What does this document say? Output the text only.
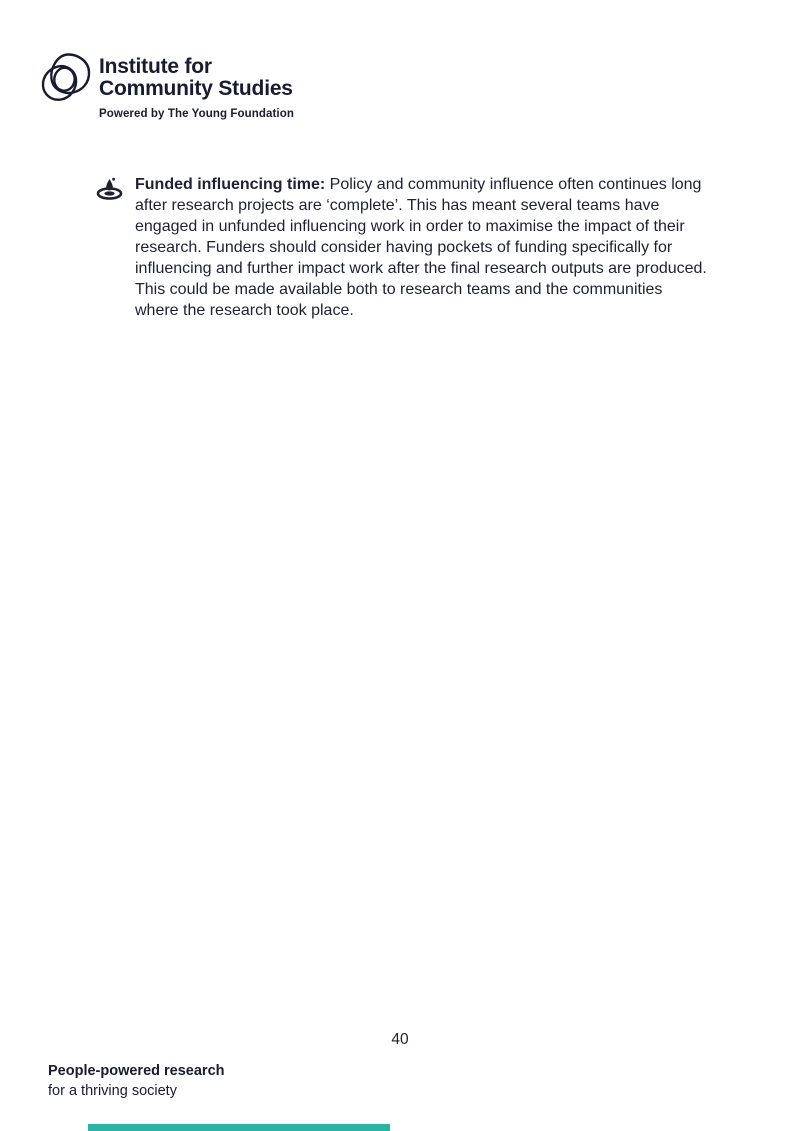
Institute for
Community Studies
Powered by The Young Foundation

Funded influencing time: Policy and community influence often continues long after research projects are ‘complete’. This has meant several teams have engaged in unfunded influencing work in order to maximise the impact of their research. Funders should consider having pockets of funding specifically for influencing and further impact work after the final research outputs are produced. This could be made available both to research teams and the communities where the research took place.

40
People-powered research
for a thriving society
